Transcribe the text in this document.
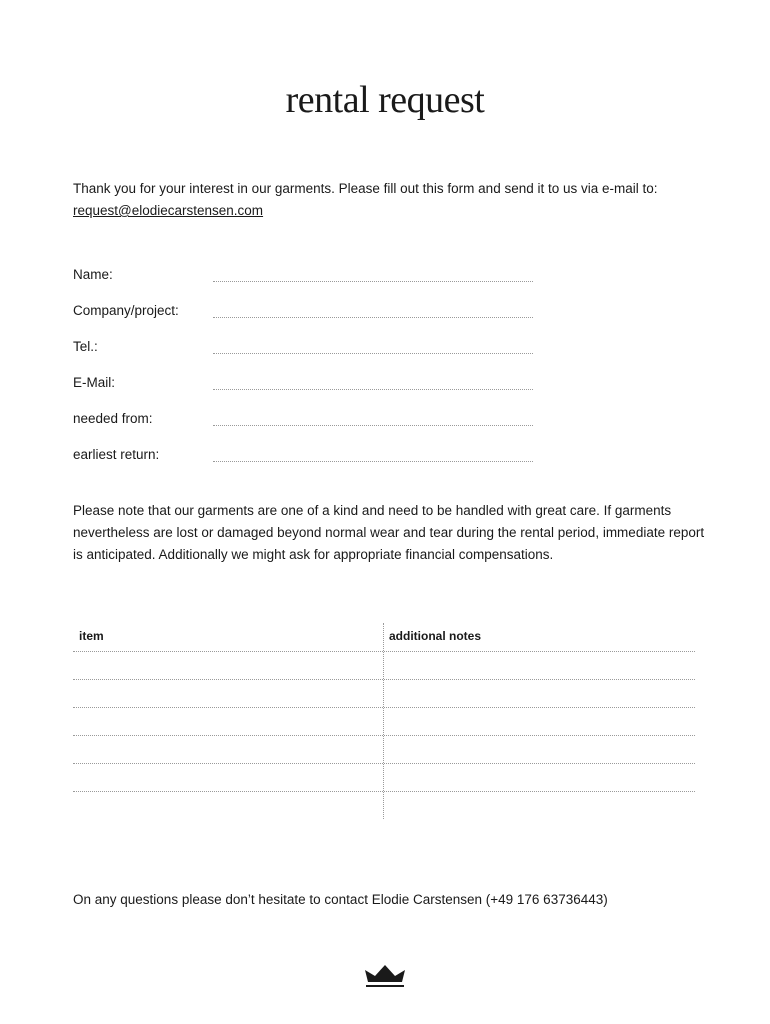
rental request
Thank you for your interest in our garments. Please fill out this form and send it to us via e-mail to:
request@elodiecarstensen.com
Name:
Company/project:
Tel.:
E-Mail:
needed from:
earliest return:
Please note that our garments are one of a kind and need to be handled with great care. If garments nevertheless are lost or damaged beyond normal wear and tear during the rental period, immediate report is anticipated. Additionally we might ask for appropriate financial compensations.
item	additional notes
On any questions please don’t hesitate to contact Elodie Carstensen (+49 176 63736443)
